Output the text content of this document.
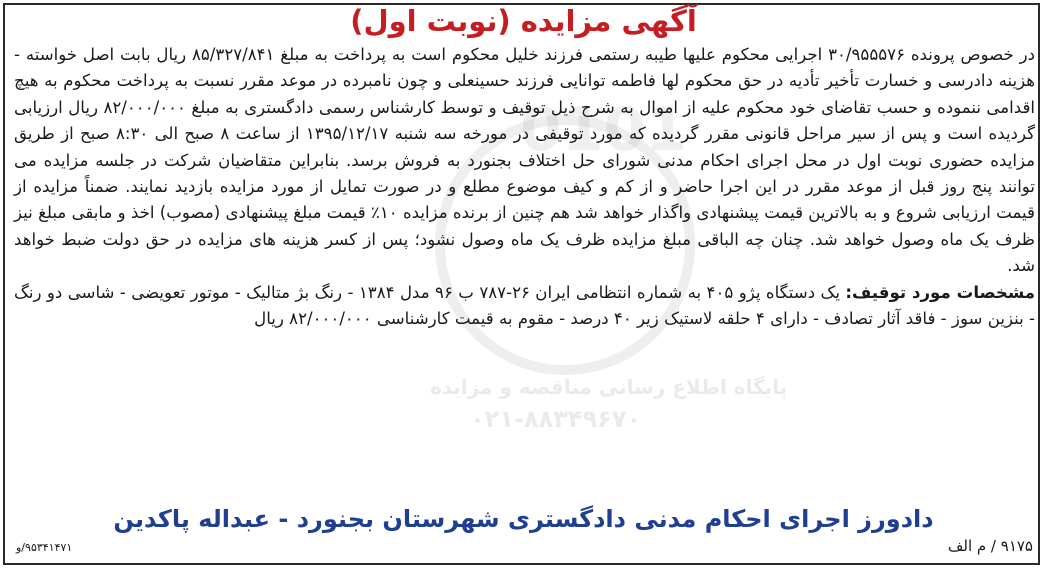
0101
پایگاه اطلاع رسانی مناقصه و مزایده
۰۲۱-۸۸۳۴۹۶۷۰
آگهی مزایده (نوبت اول)

در خصوص پرونده ۳۰/۹۵۵۵۷۶ اجرایی محکوم علیها طیبه رستمی فرزند خلیل محکوم است به پرداخت به مبلغ ۸۵/۳۲۷/۸۴۱ ریال بابت اصل خواسته - هزینه دادرسی و خسارت تأخیر تأدیه در حق محکوم لها فاطمه توانایی فرزند حسینعلی و چون نامبرده در موعد مقرر نسبت به پرداخت محکوم به هیچ اقدامی ننموده و حسب تقاضای خود محکوم علیه از اموال به شرح ذیل توقیف و توسط کارشناس رسمی دادگستری به مبلغ ۸۲/۰۰۰/۰۰۰ ریال ارزیابی گردیده است و پس از سیر مراحل قانونی مقرر گردیده که مورد توقیفی در مورخه سه شنبه ۱۳۹۵/۱۲/۱۷ از ساعت ۸ صبح الی ۸:۳۰ صبح از طریق مزایده حضوری نوبت اول در محل اجرای احکام مدنی شورای حل اختلاف بجنورد به فروش برسد. بنابراین متقاضیان شرکت در جلسه مزایده می توانند پنج روز قبل از موعد مقرر در این اجرا حاضر و از کم و کیف موضوع مطلع و در صورت تمایل از مورد مزایده بازدید نمایند. ضمناً مزایده از قیمت ارزیابی شروع و به بالاترین قیمت پیشنهادی واگذار خواهد شد هم چنین از برنده مزایده ۱۰٪ قیمت مبلغ پیشنهادی (مصوب) اخذ و مابقی مبلغ نیز ظرف یک ماه وصول خواهد شد. چنان چه الباقی مبلغ مزایده ظرف یک ماه وصول نشود؛ پس از کسر هزینه های مزایده در حق دولت ضبط خواهد شد.

مشخصات مورد توقیف: یک دستگاه پژو ۴۰۵ به شماره انتظامی ایران ۲۶-۷۸۷ ب ۹۶ مدل ۱۳۸۴ - رنگ بژ متالیک - موتور تعویضی - شاسی دو رنگ - بنزین سوز - فاقد آثار تصادف - دارای ۴ حلقه لاستیک زیر ۴۰ درصد - مقوم به قیمت کارشناسی ۸۲/۰۰۰/۰۰۰ ریال

دادورز اجرای احکام مدنی دادگستری شهرستان بجنورد - عبداله پاکدین
۹۱۷۵ / م الف
۹۵۳۴۱۴۷۱/و
